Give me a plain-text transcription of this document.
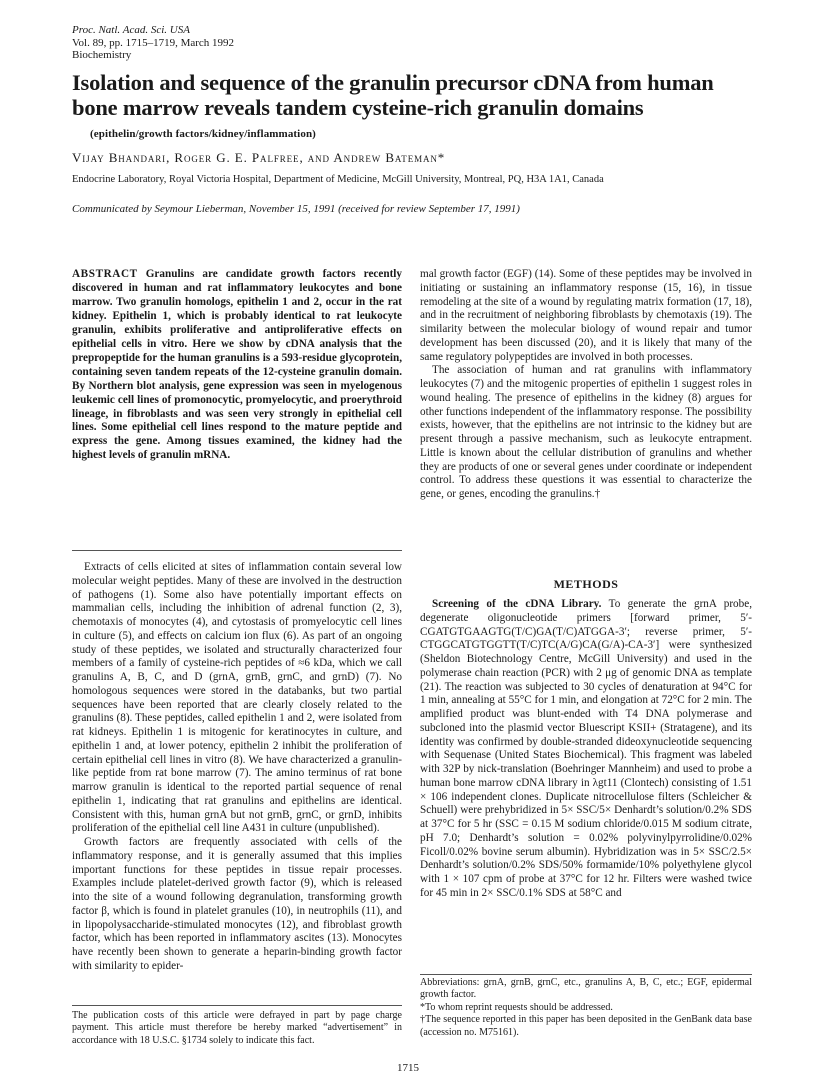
Proc. Natl. Acad. Sci. USA
Vol. 89, pp. 1715–1719, March 1992
Biochemistry
Isolation and sequence of the granulin precursor cDNA from human bone marrow reveals tandem cysteine-rich granulin domains
(epithelin/growth factors/kidney/inflammation)
Vijay Bhandari, Roger G. E. Palfree, and Andrew Bateman*
Endocrine Laboratory, Royal Victoria Hospital, Department of Medicine, McGill University, Montreal, PQ, H3A 1A1, Canada
Communicated by Seymour Lieberman, November 15, 1991 (received for review September 17, 1991)

ABSTRACT Granulins are candidate growth factors recently discovered in human and rat inflammatory leukocytes and bone marrow. Two granulin homologs, epithelin 1 and 2, occur in the rat kidney. Epithelin 1, which is probably identical to rat leukocyte granulin, exhibits proliferative and antiproliferative effects on epithelial cells in vitro. Here we show by cDNA analysis that the prepropeptide for the human granulins is a 593-residue glycoprotein, containing seven tandem repeats of the 12-cysteine granulin domain. By Northern blot analysis, gene expression was seen in myelogenous leukemic cell lines of promonocytic, promyelocytic, and proerythroid lineage, in fibroblasts and was seen very strongly in epithelial cell lines. Some epithelial cell lines respond to the mature peptide and express the gene. Among tissues examined, the kidney had the highest levels of granulin mRNA.

Extracts of cells elicited at sites of inflammation contain several low molecular weight peptides. Many of these are involved in the destruction of pathogens (1). Some also have potentially important effects on mammalian cells, including the inhibition of adrenal function (2, 3), chemotaxis of monocytes (4), and cytostasis of promyelocytic cell lines in culture (5), and effects on calcium ion flux (6). As part of an ongoing study of these peptides, we isolated and structurally characterized four members of a family of cysteine-rich peptides of ≈6 kDa, which we call granulins A, B, C, and D (grnA, grnB, grnC, and grnD) (7). No homologous sequences were stored in the databanks, but two partial sequences have been reported that are clearly closely related to the granulins (8). These peptides, called epithelin 1 and 2, were isolated from rat kidneys. Epithelin 1 is mitogenic for keratinocytes in culture, and epithelin 1 and, at lower potency, epithelin 2 inhibit the proliferation of certain epithelial cell lines in vitro (8). We have characterized a granulin-like peptide from rat bone marrow (7). The amino terminus of rat bone marrow granulin is identical to the reported partial sequence of renal epithelin 1, indicating that rat granulins and epithelins are identical. Consistent with this, human grnA but not grnB, grnC, or grnD, inhibits proliferation of the epithelial cell line A431 in culture (unpublished).

Growth factors are frequently associated with cells of the inflammatory response, and it is generally assumed that this implies important functions for these peptides in tissue repair processes. Examples include platelet-derived growth factor (9), which is released into the site of a wound following degranulation, transforming growth factor β, which is found in platelet granules (10), in neutrophils (11), and in lipopolysaccharide-stimulated monocytes (12), and fibroblast growth factor, which has been reported in inflammatory ascites (13). Monocytes have recently been shown to generate a heparin-binding growth factor with similarity to epider-

mal growth factor (EGF) (14). Some of these peptides may be involved in initiating or sustaining an inflammatory response (15, 16), in tissue remodeling at the site of a wound by regulating matrix formation (17, 18), and in the recruitment of neighboring fibroblasts by chemotaxis (19). The similarity between the molecular biology of wound repair and tumor development has been discussed (20), and it is likely that many of the same regulatory polypeptides are involved in both processes.

The association of human and rat granulins with inflammatory leukocytes (7) and the mitogenic properties of epithelin 1 suggest roles in wound healing. The presence of epithelins in the kidney (8) argues for other functions independent of the inflammatory response. The possibility exists, however, that the epithelins are not intrinsic to the kidney but are present through a passive mechanism, such as leukocyte entrapment. Little is known about the cellular distribution of granulins and whether they are products of one or several genes under coordinate or independent control. To address these questions it was essential to characterize the gene, or genes, encoding the granulins.†

METHODS

Screening of the cDNA Library. To generate the grnA probe, degenerate oligonucleotide primers [forward primer, 5′-CGATGTGAAGTG(T/C)GA(T/C)ATGGA-3′; reverse primer, 5′-CTGGCATGTGGTT(T/C)TC(A/G)CA(G/A)-CA-3′] were synthesized (Sheldon Biotechnology Centre, McGill University) and used in the polymerase chain reaction (PCR) with 2 μg of genomic DNA as template (21). The reaction was subjected to 30 cycles of denaturation at 94°C for 1 min, annealing at 55°C for 1 min, and elongation at 72°C for 2 min. The amplified product was blunt-ended with T4 DNA polymerase and subcloned into the plasmid vector Bluescript KSII+ (Stratagene), and its identity was confirmed by double-stranded dideoxynucleotide sequencing with Sequenase (United States Biochemical). This fragment was labeled with 32P by nick-translation (Boehringer Mannheim) and used to probe a human bone marrow cDNA library in λgt11 (Clontech) consisting of 1.51 × 106 independent clones. Duplicate nitrocellulose filters (Schleicher & Schuell) were prehybridized in 5× SSC/5× Denhardt’s solution/0.2% SDS at 37°C for 5 hr (SSC = 0.15 M sodium chloride/0.015 M sodium citrate, pH 7.0; Denhardt’s solution = 0.02% polyvinylpyrrolidine/0.02% Ficoll/0.02% bovine serum albumin). Hybridization was in 5× SSC/2.5× Denhardt’s solution/0.2% SDS/50% formamide/10% polyethylene glycol with 1 × 107 cpm of probe at 37°C for 12 hr. Filters were washed twice for 45 min in 2× SSC/0.1% SDS at 58°C and

The publication costs of this article were defrayed in part by page charge payment. This article must therefore be hereby marked “advertisement” in accordance with 18 U.S.C. §1734 solely to indicate this fact.

Abbreviations: grnA, grnB, grnC, etc., granulins A, B, C, etc.; EGF, epidermal growth factor.

*To whom reprint requests should be addressed.

†The sequence reported in this paper has been deposited in the GenBank data base (accession no. M75161).

1715
